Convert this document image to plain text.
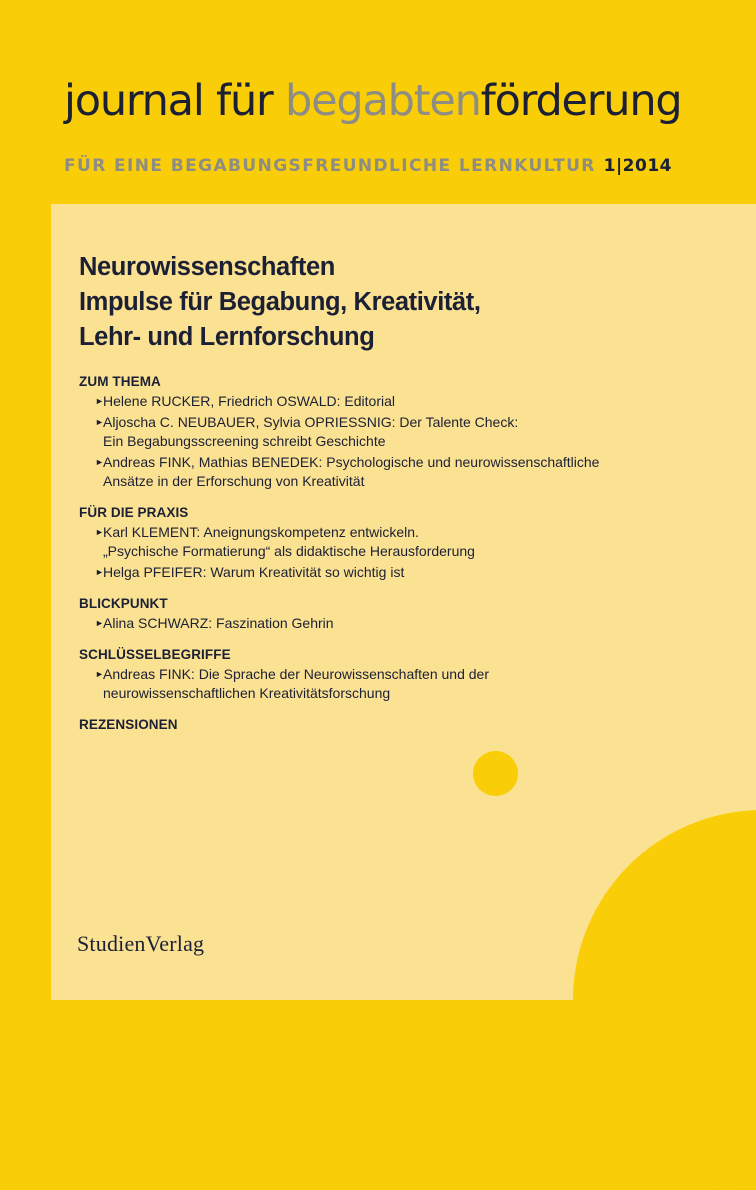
journal für begabtenförderung
FÜR EINE BEGABUNGSFREUNDLICHE LERNKULTUR 1|2014
Neurowissenschaften
Impulse für Begabung, Kreativität,
Lehr- und Lernforschung
ZUM THEMA
► Helene RUCKER, Friedrich OSWALD: Editorial
► Aljoscha C. NEUBAUER, Sylvia OPRIESSNIG: Der Talente Check:
Ein Begabungsscreening schreibt Geschichte
► Andreas FINK, Mathias BENEDEK: Psychologische und neurowissenschaftliche
Ansätze in der Erforschung von Kreativität
FÜR DIE PRAXIS
► Karl KLEMENT: Aneignungskompetenz entwickeln.
„Psychische Formatierung“ als didaktische Herausforderung
► Helga PFEIFER: Warum Kreativität so wichtig ist
BLICKPUNKT
► Alina SCHWARZ: Faszination Gehrin
SCHLÜSSELBEGRIFFE
► Andreas FINK: Die Sprache der Neurowissenschaften und der
neurowissenschaftlichen Kreativitätsforschung
REZENSIONEN
StudienVerlag
